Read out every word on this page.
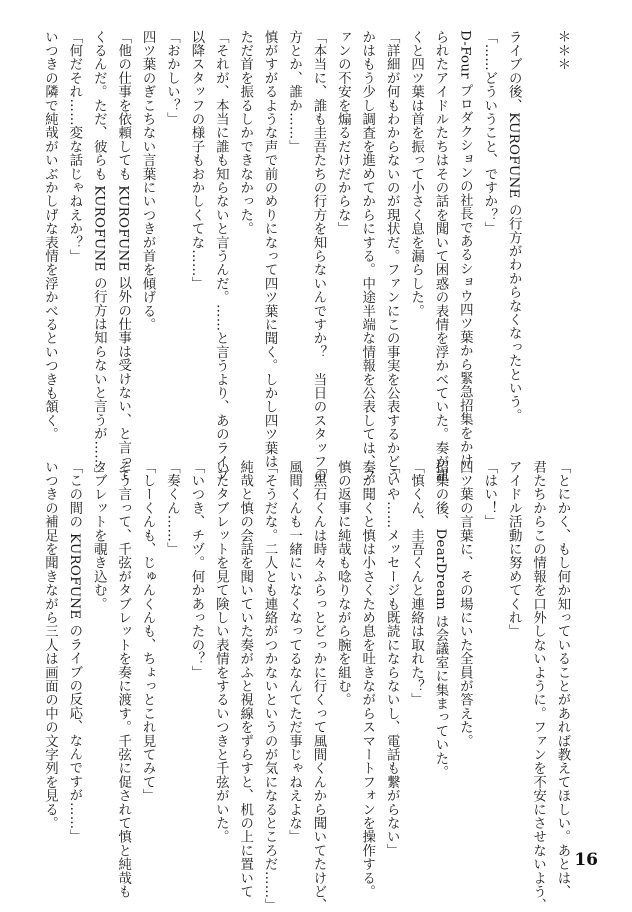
＊＊＊

ライブの後、KUROFUNE の行方がわからなくなったという。
「……どういうこと、ですか？」
D-Four プロダクションの社長であるショウ四ツ葉から緊急招集をかけ
られたアイドルたちはその話を聞いて困惑の表情を浮かべていた。奏が訊
くと四ツ葉は首を振って小さく息を漏らした。
「詳細が何もわからないのが現状だ。ファンにこの事実を公表するかどう
かはもう少し調査を進めてからにする。中途半端な情報を公表しては、フ
ァンの不安を煽るだけだからな」
「本当に、誰も圭吾たちの行方を知らないんですか？　当日のスタッフの
方とか、誰か……」
慎がすがるような声で前のめりになって四ツ葉に聞く。しかし四ツ葉は
ただ首を振るしかできなかった。
「それが、本当に誰も知らないと言うんだ。……と言うより、あのライブ
以降スタッフの様子もおかしくてな……」
「おかしい？」
四ツ葉のぎこちない言葉にいつきが首を傾げる。
「他の仕事を依頼しても KUROFUNE 以外の仕事は受けない、と言って
くるんだ。ただ、彼らも KUROFUNE の行方は知らないと言うが……」
「何だそれ……変な話じゃねえか？」
いつきの隣で純哉がいぶかしげな表情を浮かべるといつきも頷く。
「とにかく、もし何か知っていることがあれば教えてほしい。あとは、
君たちからこの情報を口外しないように。ファンを不安にさせないよう、
アイドル活動に努めてくれ」
「はい！」
四ツ葉の言葉に、その場にいた全員が答えた。
招集の後、DearDream は会議室に集まっていた。
「慎くん、圭吾くんと連絡は取れた？」
「いや……メッセージも既読にならないし、電話も繋がらない」
奏が聞くと慎は小さくため息を吐きながらスマートフォンを操作する。
慎の返事に純哉も唸りながら腕を組む。
「黒石くんは時々ふらっとどっかに行くって風間くんから聞いてたけど、
風間くんも一緒にいなくなってるなんてただ事じゃねえよな」
「そうだな。二人とも連絡がつかないというのが気になるところだ……」
純哉と慎の会話を聞いていた奏がふと視線をずらすと、机の上に置いて
いたタブレットを見て険しい表情をするいつきと千弦がいた。
「いつき、チヅ。何かあったの？」
「奏くん……」
「しーくんも、じゅんくんも、ちょっとこれ見てみて」
そう言って、千弦がタブレットを奏に渡す。千弦に促されて慎と純哉も
タブレットを覗き込む。
「この間の KUROFUNE のライブの反応、なんですが……」
いつきの補足を聞きながら三人は画面の中の文字列を見る。
16
